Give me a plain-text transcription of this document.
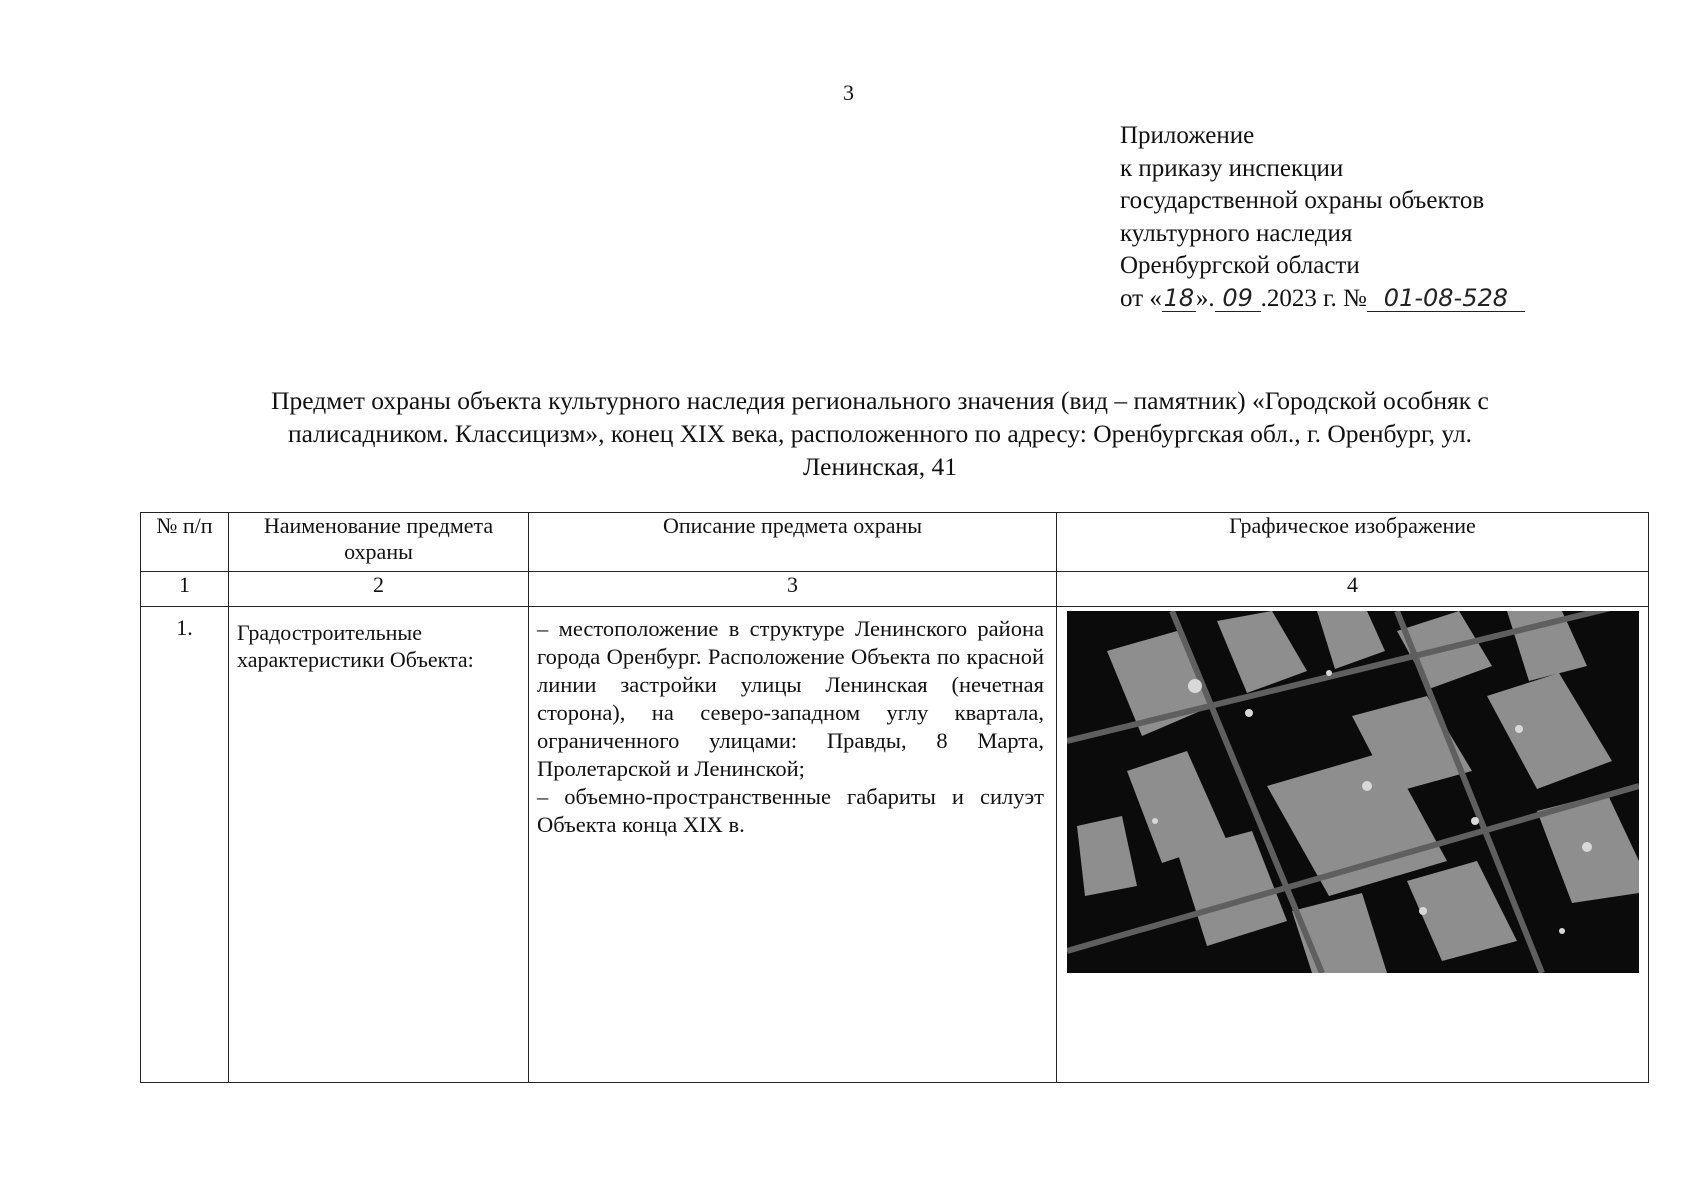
3
Приложение
к приказу инспекции
государственной охраны объектов
культурного наследия
Оренбургской области
от «18». 09 .2023 г. № 01-08-528
Предмет охраны объекта культурного наследия регионального значения (вид – памятник) «Городской особняк с
палисадником. Классицизм», конец XIX века, расположенного по адресу: Оренбургская обл., г. Оренбург, ул.
Ленинская, 41
№ п/п	Наименование предмета охраны	Описание предмета охраны	Графическое изображение
1	2	3	4
1.	Градостроительные характеристики Объекта:	– местоположение в структуре Ленинского района города Оренбург. Расположение Объекта по красной линии застройки улицы Ленинская (нечетная сторона), на северо-западном углу квартала, ограниченного улицами: Правды, 8 Марта, Пролетарской и Ленинской;

– объемно-пространственные габариты и силуэт Объекта конца XIX в.
